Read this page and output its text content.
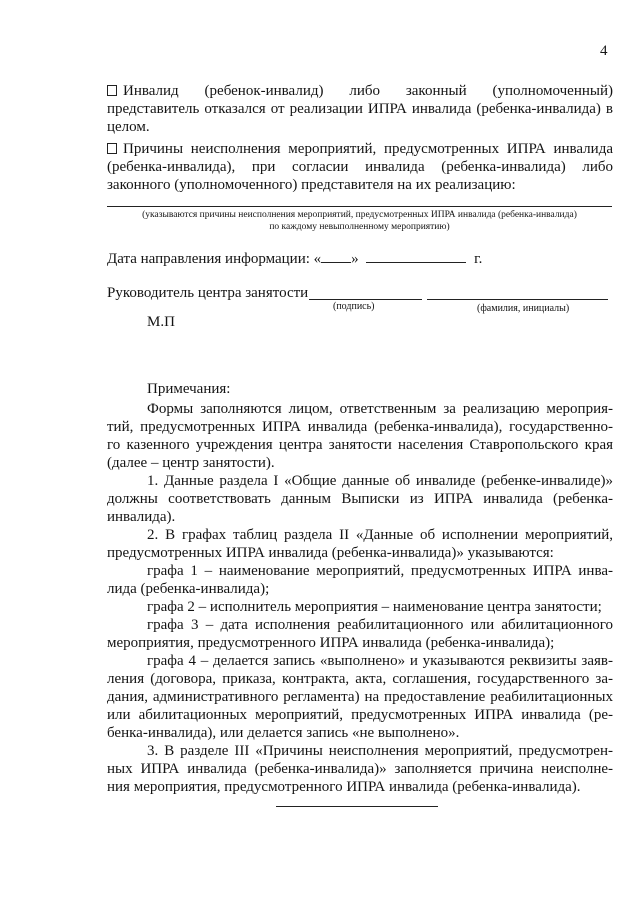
4
Инвалид (ребенок-инвалид) либо законный (уполномоченный)
представитель отказался от реализации ИПРА инвалида (ребенка-инвалида) в
целом.
Причины неисполнения мероприятий, предусмотренных ИПРА инвалида
(ребенка-инвалида), при согласии инвалида (ребенка-инвалида) либо
законного (уполномоченного) представителя на их реализацию:
(указываются причины неисполнения мероприятий, предусмотренных ИПРА инвалида (ребенка-инвалида)
по каждому невыполненному мероприятию)
Дата направления информации: « »	г.
Руководитель центра занятости
(подпись)	(фамилия, инициалы)
М.П
Примечания:
Формы заполняются лицом, ответственным за реализацию мероприя-
тий, предусмотренных ИПРА инвалида (ребенка-инвалида), государственно-
го казенного учреждения центра занятости населения Ставропольского края
(далее – центр занятости).
1. Данные раздела I «Общие данные об инвалиде (ребенке-инвалиде)»
должны соответствовать данным Выписки из ИПРА инвалида (ребенка-
инвалида).
2. В графах таблиц раздела II «Данные об исполнении мероприятий,
предусмотренных ИПРА инвалида (ребенка-инвалида)» указываются:
графа 1 – наименование мероприятий, предусмотренных ИПРА инва-
лида (ребенка-инвалида);
графа 2 – исполнитель мероприятия – наименование центра занятости;
графа 3 – дата исполнения реабилитационного или абилитационного
мероприятия, предусмотренного ИПРА инвалида (ребенка-инвалида);
графа 4 – делается запись «выполнено» и указываются реквизиты заяв-
ления (договора, приказа, контракта, акта, соглашения, государственного за-
дания, административного регламента) на предоставление реабилитационных
или абилитационных мероприятий, предусмотренных ИПРА инвалида (ре-
бенка-инвалида), или делается запись «не выполнено».
3. В разделе III «Причины неисполнения мероприятий, предусмотрен-
ных ИПРА инвалида (ребенка-инвалида)» заполняется причина неисполне-
ния мероприятия, предусмотренного ИПРА инвалида (ребенка-инвалида).
